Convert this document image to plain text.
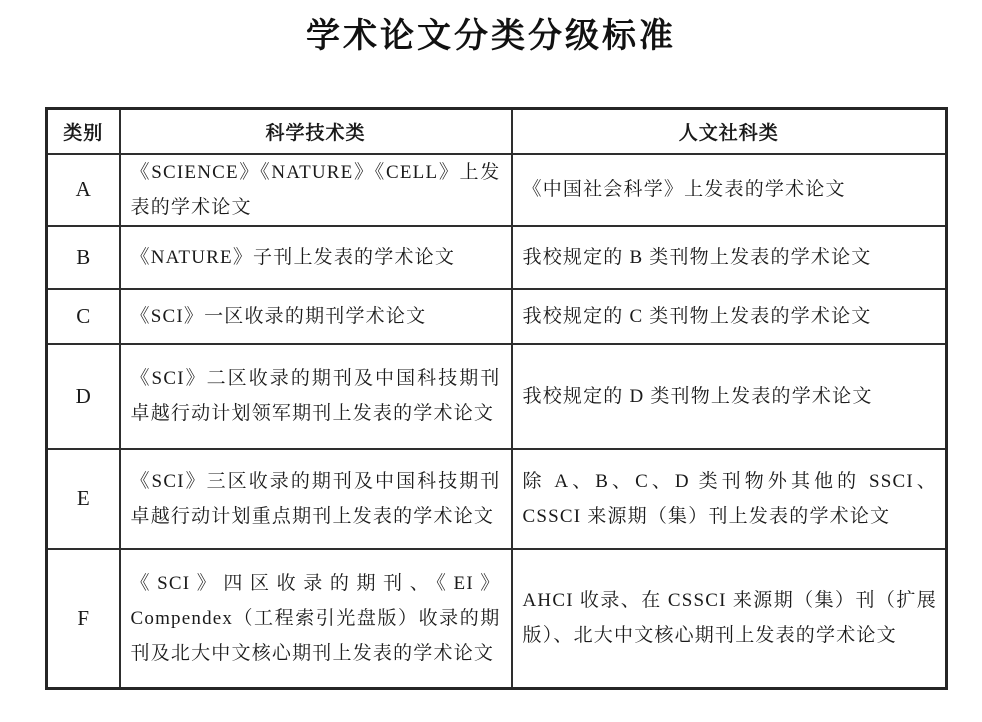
学术论文分类分级标准
类别	科学技术类	人文社科类
A	《SCIENCE》《NATURE》《CELL》上发表的学术论文	《中国社会科学》上发表的学术论文
B	《NATURE》子刊上发表的学术论文	我校规定的 B 类刊物上发表的学术论文
C	《SCI》一区收录的期刊学术论文	我校规定的 C 类刊物上发表的学术论文
D	《SCI》二区收录的期刊及中国科技期刊卓越行动计划领军期刊上发表的学术论文	我校规定的 D 类刊物上发表的学术论文
E	《SCI》三区收录的期刊及中国科技期刊卓越行动计划重点期刊上发表的学术论文	除 A、B、C、D 类刊物外其他的 SSCI、CSSCI 来源期（集）刊上发表的学术论文
F	《SCI》四区收录的期刊、《EI》Compendex（工程索引光盘版）收录的期刊及北大中文核心期刊上发表的学术论文	AHCI 收录、在 CSSCI 来源期（集）刊（扩展版）、北大中文核心期刊上发表的学术论文
